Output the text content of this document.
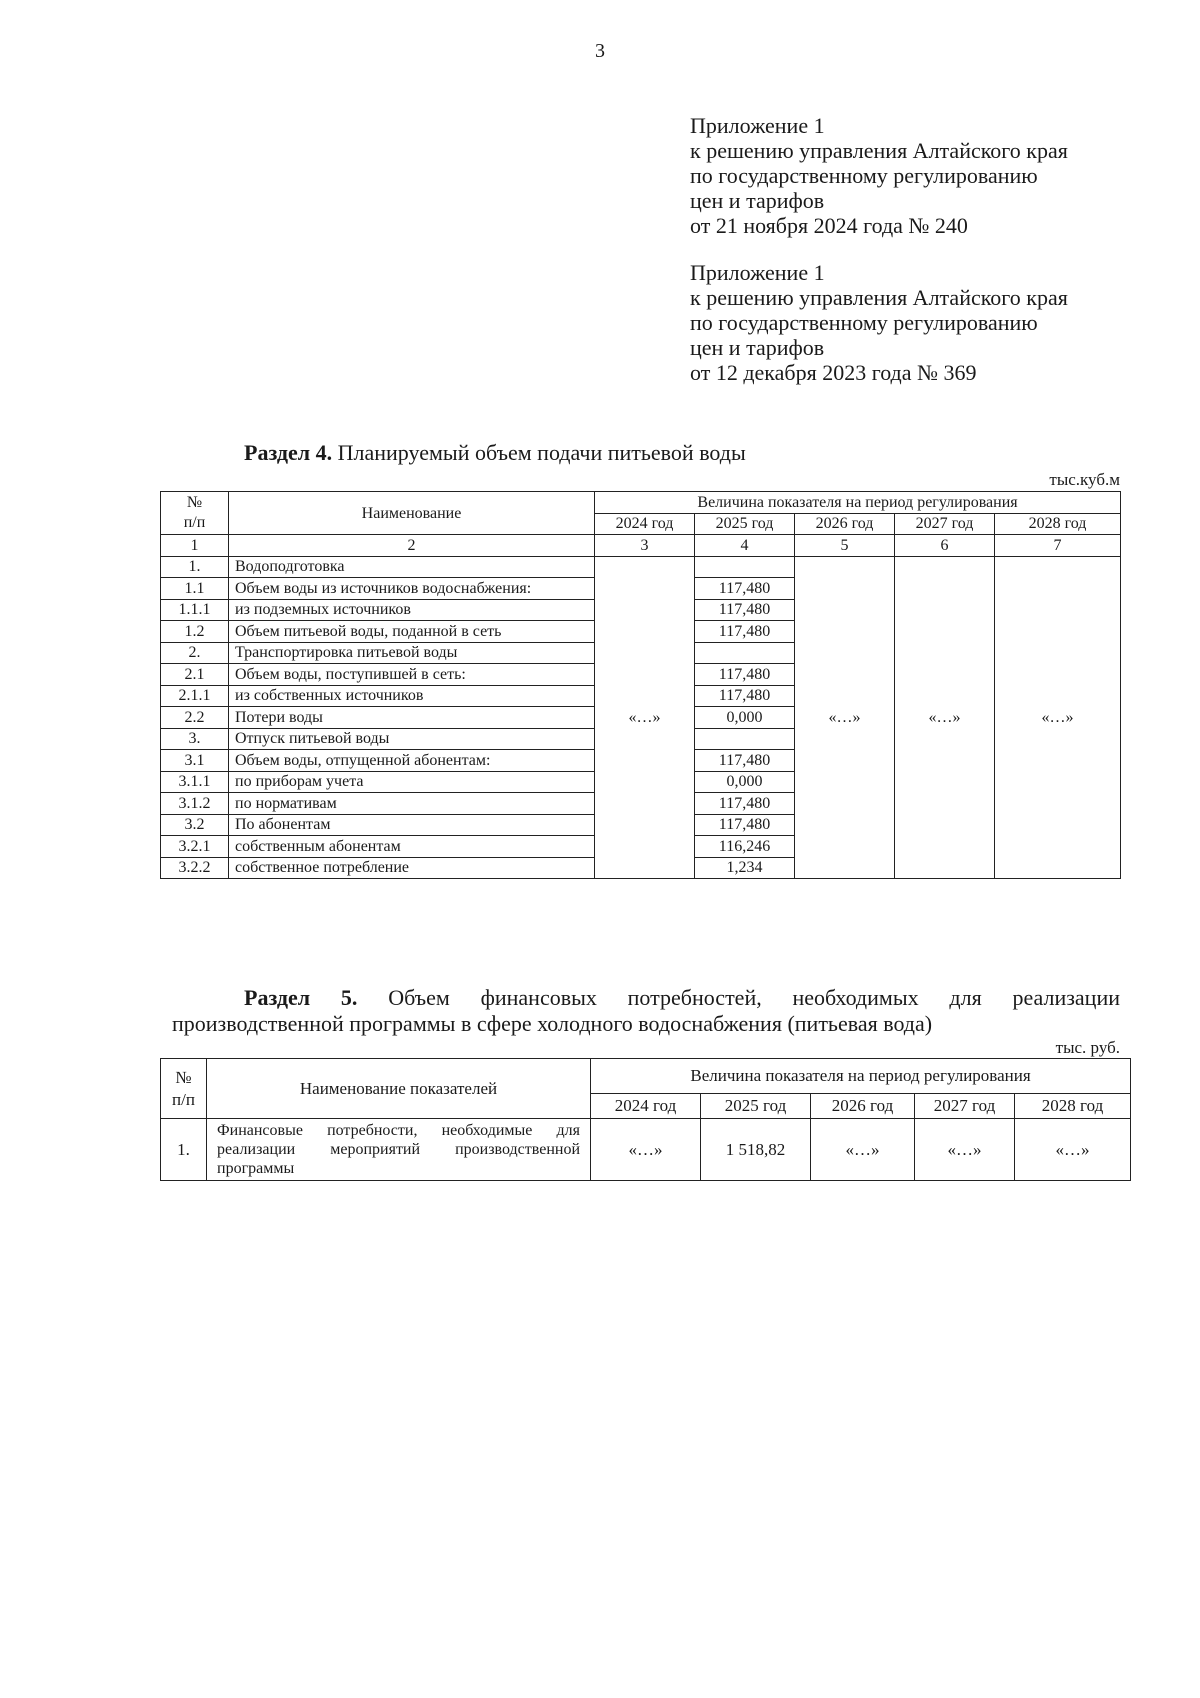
3
Приложение 1
к решению управления Алтайского края
по государственному регулированию
цен и тарифов
от 21 ноября 2024 года № 240
Приложение 1
к решению управления Алтайского края
по государственному регулированию
цен и тарифов
от 12 декабря 2023 года № 369
Раздел 4. Планируемый объем подачи питьевой воды
тыс.куб.м
№
п/п	Наименование	Величина показателя на период регулирования				
		2024 год	2025 год	2026 год	2027 год	2028 год
1	2	3	4	5	6	7
1.	Водоподготовка	«…»		«…»	«…»	«…»
1.1	Объем воды из источников водоснабжения:		117,480			
1.1.1	из подземных источников		117,480			
1.2	Объем питьевой воды, поданной в сеть		117,480			
2.	Транспортировка питьевой воды					
2.1	Объем воды, поступившей в сеть:		117,480			
2.1.1	из собственных источников		117,480			
2.2	Потери воды		0,000			
3.	Отпуск питьевой воды					
3.1	Объем воды, отпущенной абонентам:		117,480			
3.1.1	по приборам учета		0,000			
3.1.2	по нормативам		117,480			
3.2	По абонентам		117,480			
3.2.1	собственным абонентам		116,246			
3.2.2	собственное потребление		1,234			
Раздел 5. Объем финансовых потребностей, необходимых для реализации
производственной программы в сфере холодного водоснабжения (питьевая вода)
тыс. руб.
№
п/п	Наименование показателей	Величина показателя на период регулирования				
		2024 год	2025 год	2026 год	2027 год	2028 год
1.	Финансовые потребности, необходимые для реализации мероприятий производственной программы	«…»	1 518,82	«…»	«…»	«…»
